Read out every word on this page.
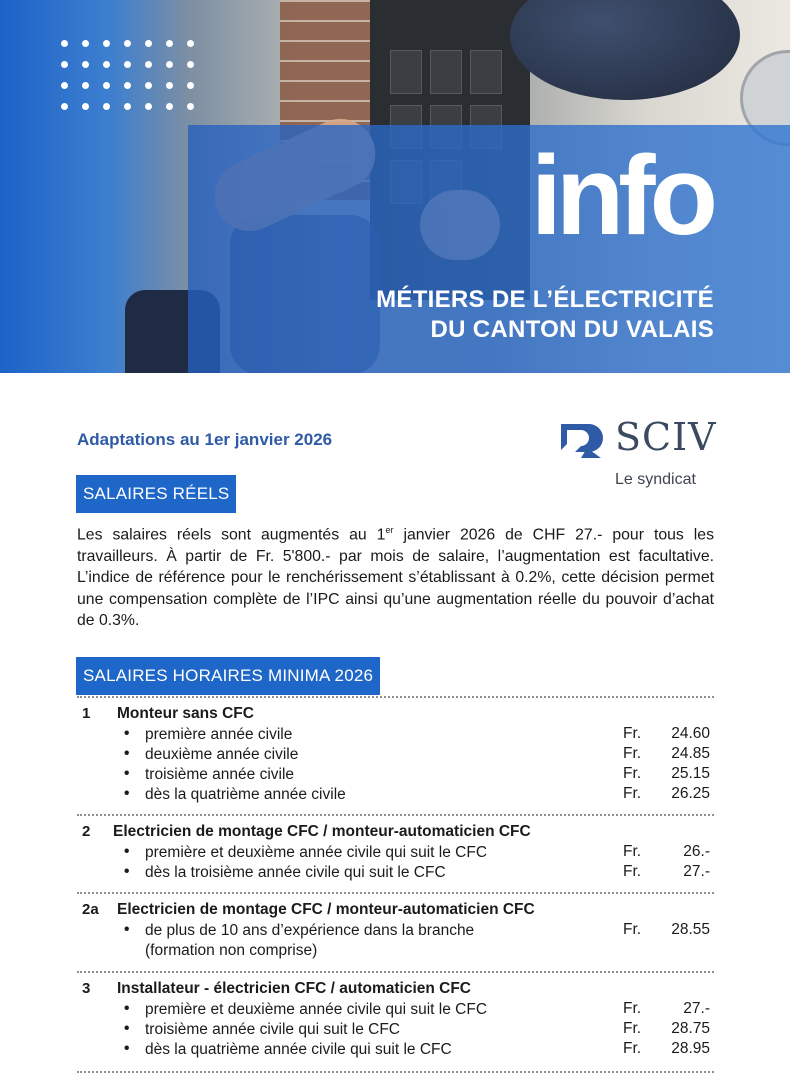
info
MÉTIERS DE L’ÉLECTRICITÉ
DU CANTON DU VALAIS
Adaptations au 1er janvier 2026	SCIV
Le syndicat
SALAIRES RÉELS
Les salaires réels sont augmentés au 1er janvier 2026 de CHF 27.- pour tous les travailleurs. À partir de Fr. 5'800.- par mois de salaire, l’augmentation est facultative. L’indice de référence pour le renchérissement s’établissant à 0.2%, cette décision permet une compensation complète de l’IPC ainsi qu’une augmentation réelle du pouvoir d’achat de 0.3%.
SALAIRES HORAIRES MINIMA 2026
1 Monteur sans CFC
• première année civile	Fr. 24.60
• deuxième année civile	Fr. 24.85
• troisième année civile	Fr. 25.15
• dès la quatrième année civile	Fr. 26.25
2 Electricien de montage CFC / monteur-automaticien CFC
• première et deuxième année civile qui suit le CFC	Fr.	26.-
• dès la troisième année civile qui suit le CFC	Fr.	27.-
2a Electricien de montage CFC / monteur-automaticien CFC
• de plus de 10 ans d’expérience dans la branche
(formation non comprise)
Fr. 28.55
3 Installateur - électricien CFC / automaticien CFC
• première et deuxième année civile qui suit le CFC	Fr.	27.-
• troisième année civile qui suit le CFC	Fr. 28.75
• dès la quatrième année civile qui suit le CFC	Fr. 28.95
